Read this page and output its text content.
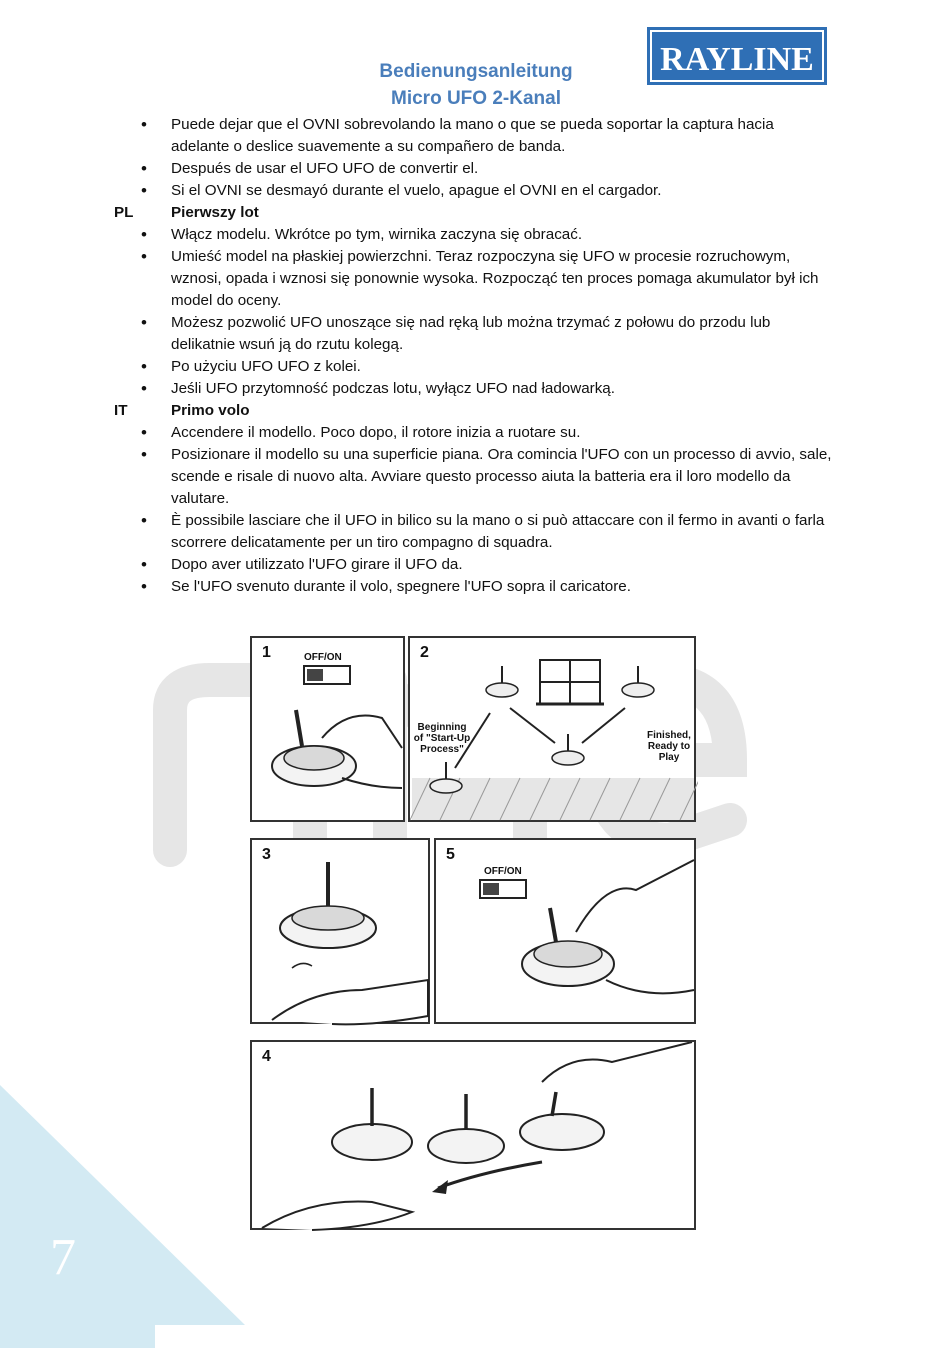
Bedienungsanleitung
Micro UFO 2-Kanal
RAYLINE
• Puede dejar que el OVNI sobrevolando la mano o que se pueda soportar la captura hacia adelante o deslice suavemente a su compañero de banda.
• Después de usar el UFO UFO de convertir el.
• Si el OVNI se desmayó durante el vuelo, apague el OVNI en el cargador.
PL Pierwszy lot
• Włącz modelu. Wkrótce po tym, wirnika zaczyna się obracać.
• Umieść model na płaskiej powierzchni. Teraz rozpoczyna się UFO w procesie rozruchowym, wznosi, opada i wznosi się ponownie wysoka. Rozpocząć ten proces pomaga akumulator był ich model do oceny.
• Możesz pozwolić UFO unoszące się nad ręką lub można trzymać z połowu do przodu lub delikatnie wsuń ją do rzutu kolegą.
• Po użyciu UFO UFO z kolei.
• Jeśli UFO przytomność podczas lotu, wyłącz UFO nad ładowarką.
IT	Primo volo
• Accendere il modello. Poco dopo, il rotore inizia a ruotare su.
• Posizionare il modello su una superficie piana. Ora comincia l'UFO con un processo di avvio, sale, scende e risale di nuovo alta. Avviare questo processo aiuta la batteria era il loro modello da valutare.
• È possibile lasciare che il UFO in bilico su la mano o si può attaccare con il fermo in avanti o farla scorrere delicatamente per un tiro compagno di squadra.
• Dopo aver utilizzato l'UFO girare il UFO da.
• Se l'UFO svenuto durante il volo, spegnere l'UFO sopra il caricatore.
1	OFF/ON	2
Beginning of "Start-Up Process"
Finished, Ready to Play
3	5
OFF/ON
4
7
